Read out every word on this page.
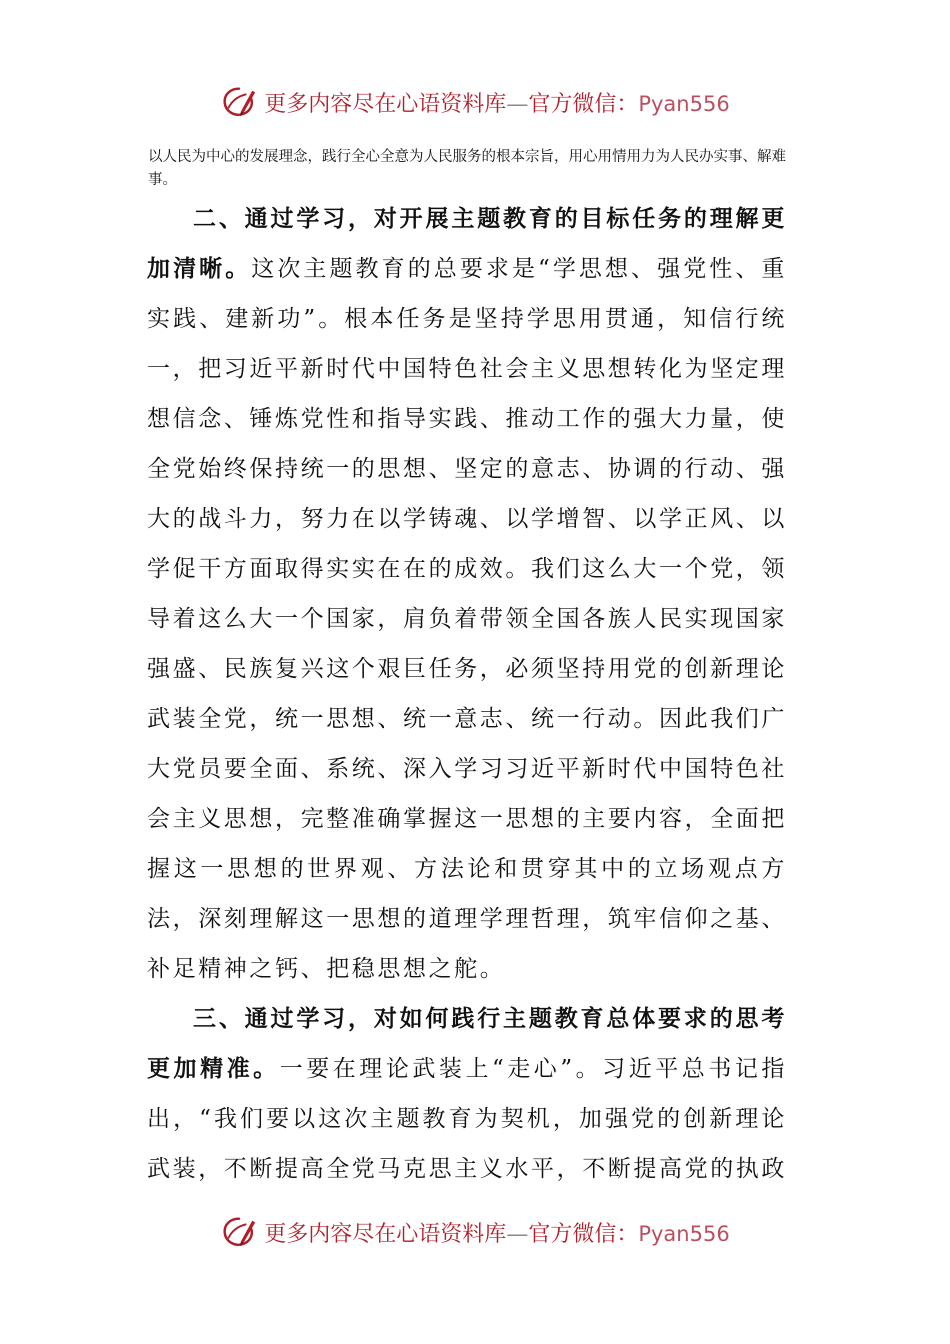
更多内容尽在心语资料库—官方微信：Pyan556
以人民为中心的发展理念，践行全心全意为人民服务的根本宗旨，用心用情用力为人民办实事、解难事。

二、通过学习，对开展主题教育的目标任务的理解更加清晰。这次主题教育的总要求是“学思想、强党性、重实践、建新功”。根本任务是坚持学思用贯通，知信行统一，把习近平新时代中国特色社会主义思想转化为坚定理想信念、锤炼党性和指导实践、推动工作的强大力量，使全党始终保持统一的思想、坚定的意志、协调的行动、强大的战斗力，努力在以学铸魂、以学增智、以学正风、以学促干方面取得实实在在的成效。我们这么大一个党，领导着这么大一个国家，肩负着带领全国各族人民实现国家强盛、民族复兴这个艰巨任务，必须坚持用党的创新理论武装全党，统一思想、统一意志、统一行动。因此我们广大党员要全面、系统、深入学习习近平新时代中国特色社会主义思想，完整准确掌握这一思想的主要内容，全面把握这一思想的世界观、方法论和贯穿其中的立场观点方法，深刻理解这一思想的道理学理哲理，筑牢信仰之基、补足精神之钙、把稳思想之舵。

三、通过学习，对如何践行主题教育总体要求的思考更加精准。一要在理论武装上“走心”。习近平总书记指出，“我们要以这次主题教育为契机，加强党的创新理论武装，不断提高全党马克思主义水平，不断提高党的执政

更多内容尽在心语资料库—官方微信：Pyan556
